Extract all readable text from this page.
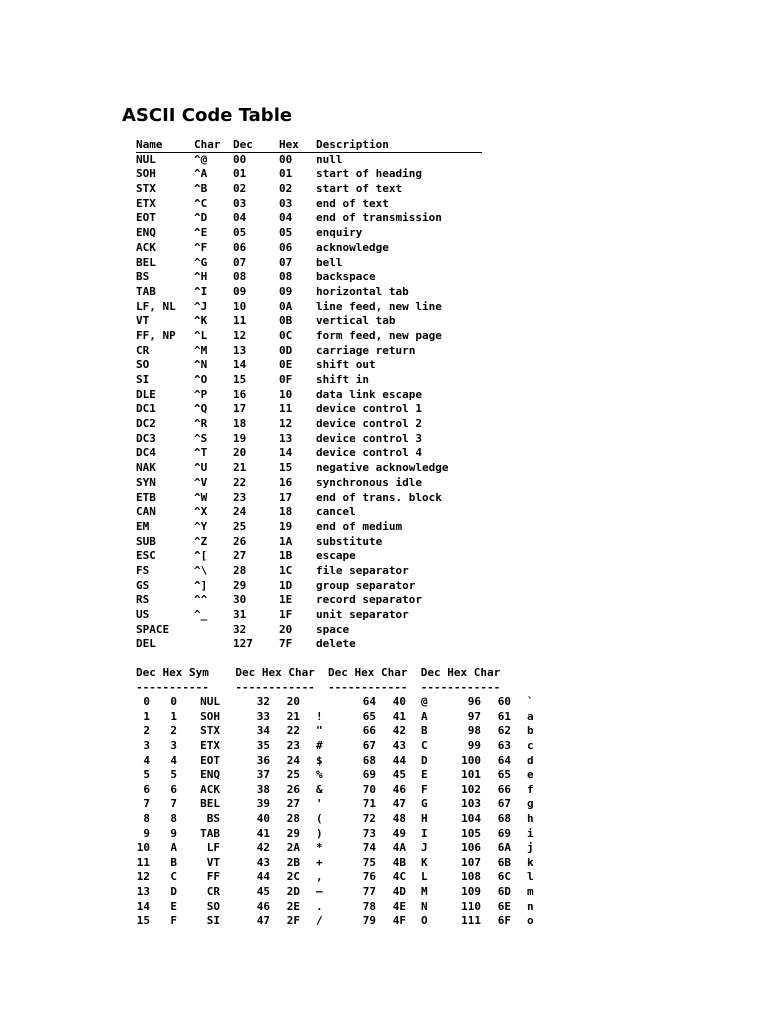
ASCII Code Table
Name	Char Dec Hex Description
NUL	^@ 00	00 null
SOH	^A 01	01 start of heading
STX	^B 02	02 start of text
ETX	^C 03	03 end of text
EOT	^D 04	04 end of transmission
ENQ	^E 05	05 enquiry
ACK	^F 06	06 acknowledge
BEL	^G 07	07 bell
BS	^H 08	08 backspace
TAB	^I 09	09 horizontal tab
LF, NL ^J 10	0A line feed, new line
VT	^K 11	0B vertical tab
FF, NP ^L 12	0C form feed, new page
CR	^M 13	0D carriage return
SO	^N 14	0E shift out
SI	^O 15	0F shift in
DLE	^P 16	10 data link escape
DC1	^Q 17	11 device control 1
DC2	^R 18	12 device control 2
DC3	^S 19	13 device control 3
DC4	^T 20	14 device control 4
NAK	^U 21	15 negative acknowledge
SYN	^V 22	16 synchronous idle
ETB	^W 23	17 end of trans. block
CAN	^X 24	18 cancel
EM	^Y 25	19 end of medium
SUB	^Z 26	1A substitute
ESC	^[ 27	1B escape
FS	^\ 28	1C file separator
GS	^] 29	1D group separator
RS	^^ 30	1E record separator
US	^_ 31	1F unit separator
SPACE	32	20 space
DEL	127 7F delete
Dec Hex Sym    Dec Hex Char  Dec Hex Char  Dec Hex Char
-----------    ------------  ------------  ------------
0	0	NUL	32	20	64	40 @	96	60 `
1	1	SOH	33	21 !	65	41 A	97	61 a
2	2	STX	34	22 "	66	42 B	98	62 b
3	3	ETX	35	23 #	67	43 C	99	63 c
4	4	EOT	36	24 $	68	44 D	100	64 d
5	5	ENQ	37	25 %	69	45 E	101	65 e
6	6	ACK	38	26 &	70	46 F	102	66 f
7	7	BEL	39	27 '	71	47 G	103	67 g
8	8	BS	40	28 (	72	48 H	104	68 h
9	9	TAB	41	29 )	73	49 I	105	69 i
10	A	LF	42	2A *	74	4A J	106	6A j
11	B	VT	43	2B +	75	4B K	107	6B k
12	C	FF	44	2C ,	76	4C L	108	6C l
13	D	CR	45	2D –	77	4D M	109	6D m
14	E	SO	46	2E .	78	4E N	110	6E n
15	F	SI	47	2F /	79	4F O	111	6F o
